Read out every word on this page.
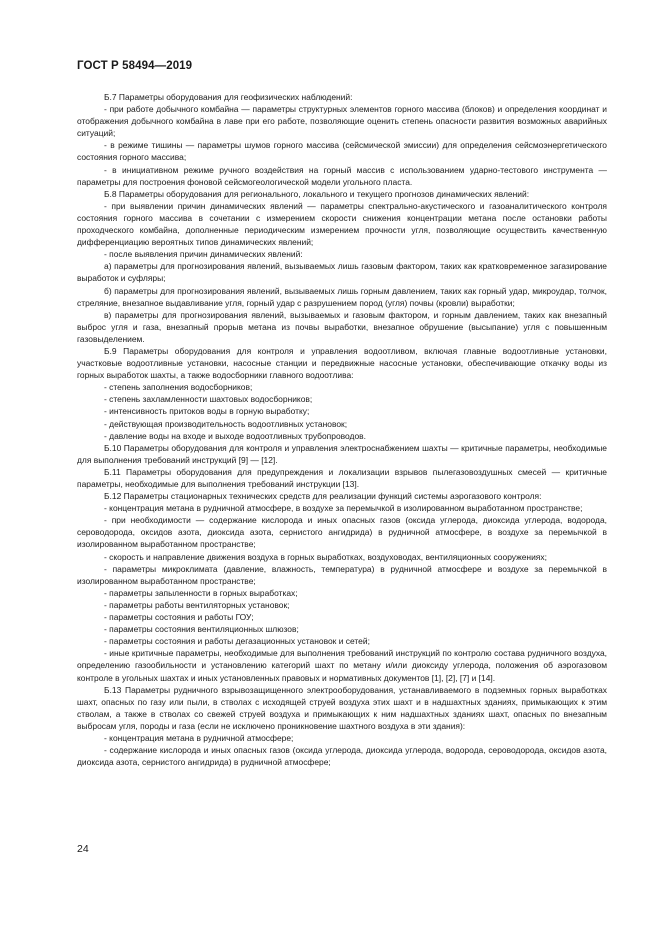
ГОСТ Р 58494—2019

Б.7 Параметры оборудования для геофизических наблюдений:

- при работе добычного комбайна — параметры структурных элементов горного массива (блоков) и определения координат и отображения добычного комбайна в лаве при его работе, позволяющие оценить степень опасности развития возможных аварийных ситуаций;

- в режиме тишины — параметры шумов горного массива (сейсмической эмиссии) для определения сейсмоэнергетического состояния горного массива;

- в инициативном режиме ручного воздействия на горный массив с использованием ударно-тестового инструмента — параметры для построения фоновой сейсмогеологической модели угольного пласта.

Б.8 Параметры оборудования для регионального, локального и текущего прогнозов динамических явлений:

- при выявлении причин динамических явлений — параметры спектрально-акустического и газоаналитического контроля состояния горного массива в сочетании с измерением скорости снижения концентрации метана после остановки работы проходческого комбайна, дополненные периодическим измерением прочности угля, позволяющие осуществить качественную дифференциацию вероятных типов динамических явлений;

- после выявления причин динамических явлений:

а) параметры для прогнозирования явлений, вызываемых лишь газовым фактором, таких как кратковременное загазирование выработок и суфляры;

б) параметры для прогнозирования явлений, вызываемых лишь горным давлением, таких как горный удар, микроудар, толчок, стреляние, внезапное выдавливание угля, горный удар с разрушением пород (угля) почвы (кровли) выработки;

в) параметры для прогнозирования явлений, вызываемых и газовым фактором, и горным давлением, таких как внезапный выброс угля и газа, внезапный прорыв метана из почвы выработки, внезапное обрушение (высыпание) угля с повышенным газовыделением.

Б.9 Параметры оборудования для контроля и управления водоотливом, включая главные водоотливные установки, участковые водоотливные установки, насосные станции и передвижные насосные установки, обеспечивающие откачку воды из горных выработок шахты, а также водосборники главного водоотлива:

- степень заполнения водосборников;

- степень захламленности шахтовых водосборников;

- интенсивность притоков воды в горную выработку;

- действующая производительность водоотливных установок;

- давление воды на входе и выходе водоотливных трубопроводов.

Б.10 Параметры оборудования для контроля и управления электроснабжением шахты — критичные параметры, необходимые для выполнения требований инструкций [9] — [12].

Б.11 Параметры оборудования для предупреждения и локализации взрывов пылегазовоздушных смесей — критичные параметры, необходимые для выполнения требований инструкции [13].

Б.12 Параметры стационарных технических средств для реализации функций системы аэрогазового контроля:

- концентрация метана в рудничной атмосфере, в воздухе за перемычкой в изолированном выработанном пространстве;

- при необходимости — содержание кислорода и иных опасных газов (оксида углерода, диоксида углерода, водорода, сероводорода, оксидов азота, диоксида азота, сернистого ангидрида) в рудничной атмосфере, в воздухе за перемычкой в изолированном выработанном пространстве;

- скорость и направление движения воздуха в горных выработках, воздуховодах, вентиляционных сооружениях;

- параметры микроклимата (давление, влажность, температура) в рудничной атмосфере и воздухе за перемычкой в изолированном выработанном пространстве;

- параметры запыленности в горных выработках;

- параметры работы вентиляторных установок;

- параметры состояния и работы ГОУ;

- параметры состояния вентиляционных шлюзов;

- параметры состояния и работы дегазационных установок и сетей;

- иные критичные параметры, необходимые для выполнения требований инструкций по контролю состава рудничного воздуха, определению газообильности и установлению категорий шахт по метану и/или диоксиду углерода, положения об аэрогазовом контроле в угольных шахтах и иных установленных правовых и нормативных документов [1], [2], [7] и [14].

Б.13 Параметры рудничного взрывозащищенного электрооборудования, устанавливаемого в подземных горных выработках шахт, опасных по газу или пыли, в стволах с исходящей струей воздуха этих шахт и в надшахтных зданиях, примыкающих к этим стволам, а также в стволах со свежей струей воздуха и примыкающих к ним надшахтных зданиях шахт, опасных по внезапным выбросам угля, породы и газа (если не исключено проникновение шахтного воздуха в эти здания):

- концентрация метана в рудничной атмосфере;

- содержание кислорода и иных опасных газов (оксида углерода, диоксида углерода, водорода, сероводорода, оксидов азота, диоксида азота, сернистого ангидрида) в рудничной атмосфере;

24
